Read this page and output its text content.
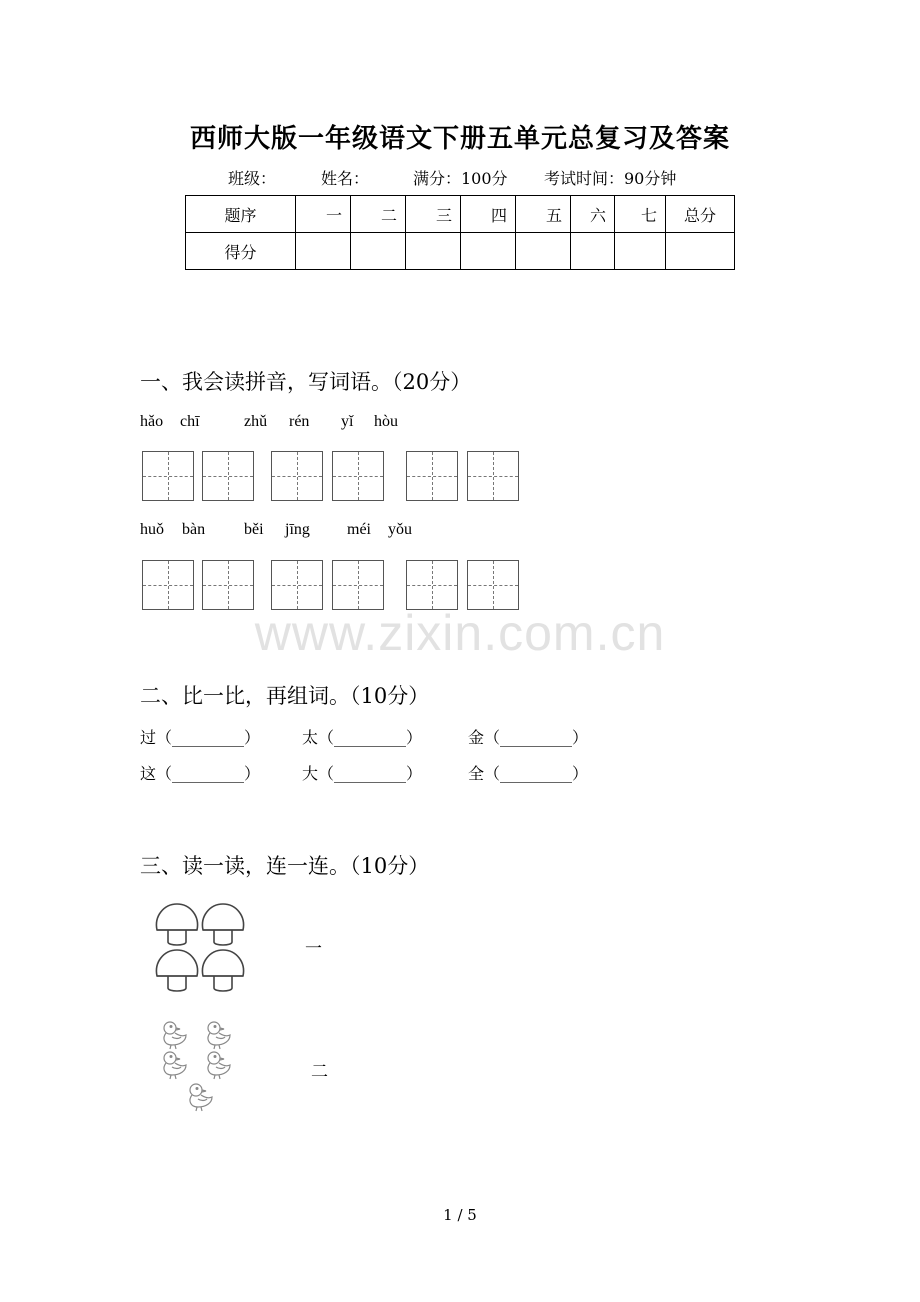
西师大版一年级语文下册五单元总复习及答案
班级：	姓名：	满分：100分 考试时间：90分钟
题序	一	二	三	四	五	六	七	总分
得分								
一、我会读拼音，写词语。（20分）
hǎo chī	zhǔ rén yǐ hòu
huǒ bàn běi jīng méi yǒu
www.zixin.com.cn
二、比一比，再组词。（10分）
过（_________）	太（_________）	金（_________）
这（_________）	大（_________）	全（_________）
三、读一读，连一连。（10分）
一
二
1 / 5
